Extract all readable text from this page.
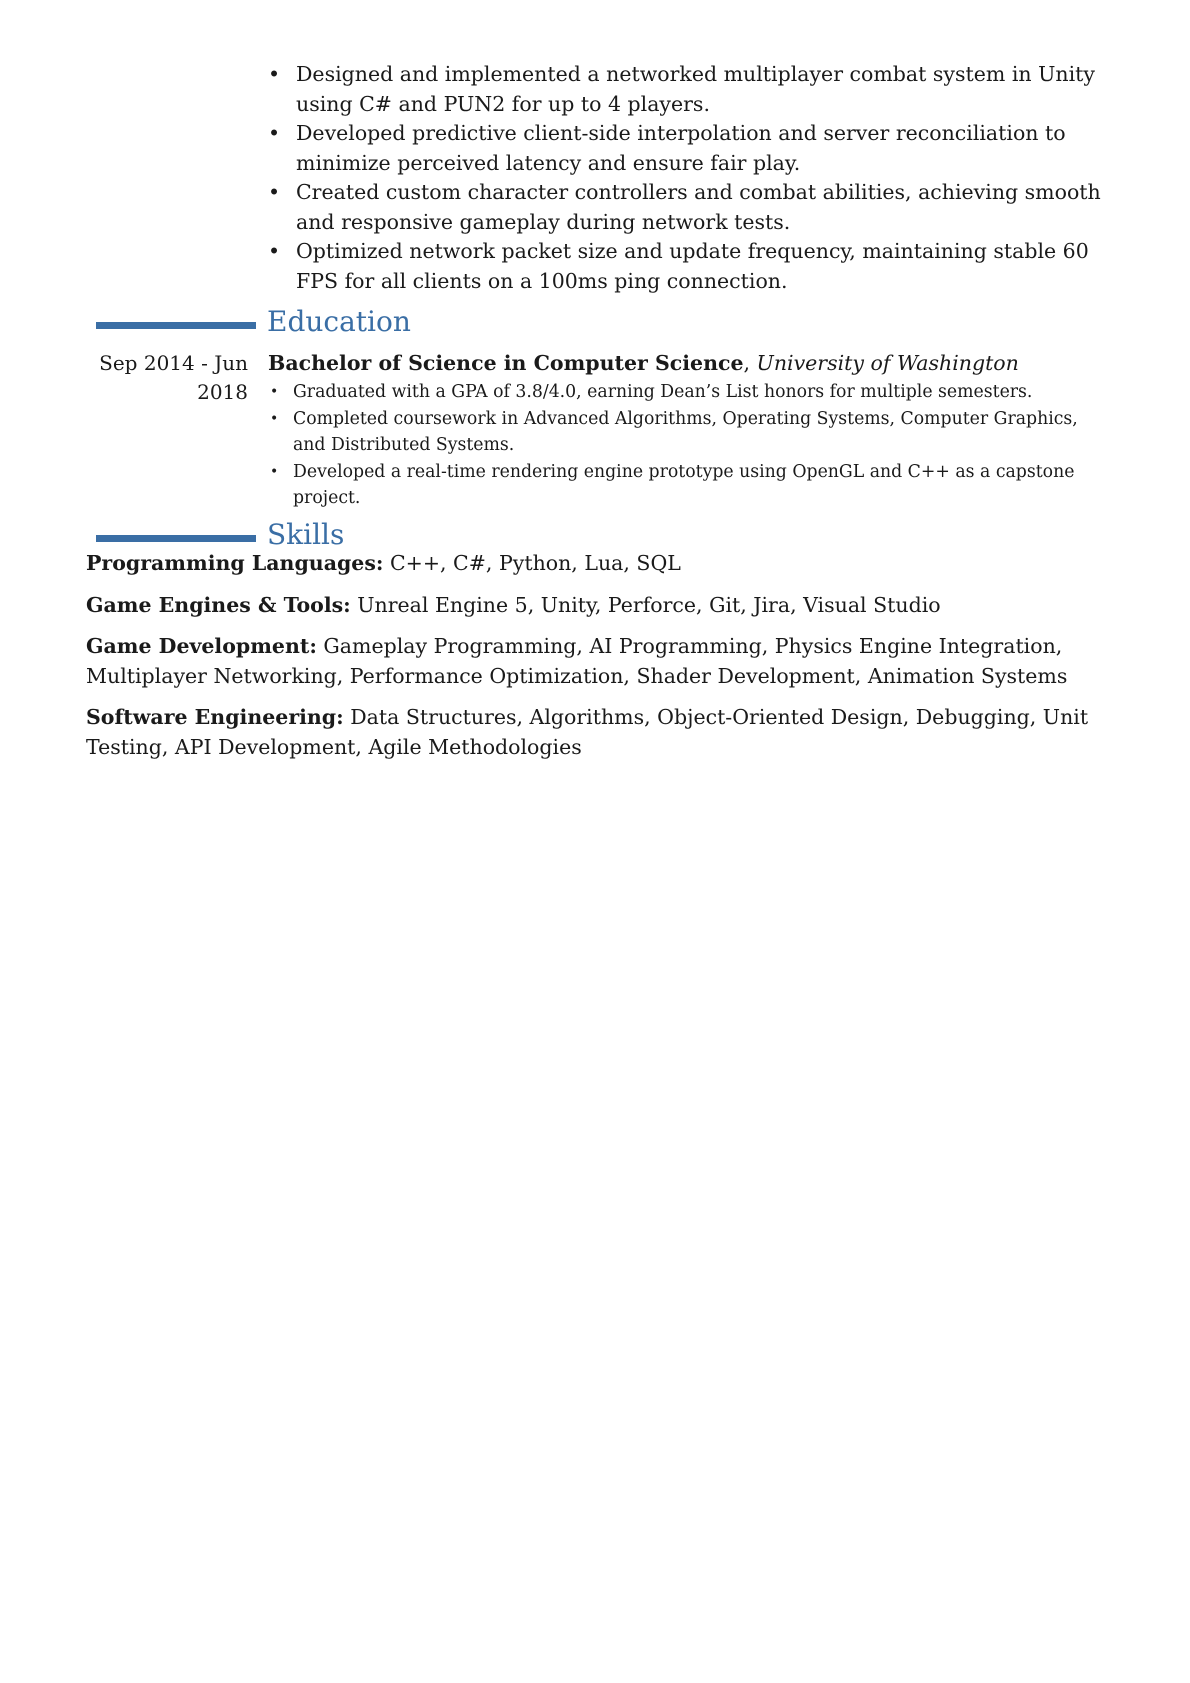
• Designed and implemented a networked multiplayer combat system in Unity using C# and PUN2 for up to 4 players.
• Developed predictive client-side interpolation and server reconciliation to minimize perceived latency and ensure fair play.
• Created custom character controllers and combat abilities, achieving smooth and responsive gameplay during network tests.
• Optimized network packet size and update frequency, maintaining stable 60 FPS for all clients on a 100ms ping connection.
Education
Sep 2014 - Jun 2018
Bachelor of Science in Computer Science, University of Washington
• Graduated with a GPA of 3.8/4.0, earning Dean’s List honors for multiple semesters.
• Completed coursework in Advanced Algorithms, Operating Systems, Computer Graphics, and Distributed Systems.
• Developed a real-time rendering engine prototype using OpenGL and C++ as a capstone project.
Skills

Programming Languages: C++, C#, Python, Lua, SQL

Game Engines & Tools: Unreal Engine 5, Unity, Perforce, Git, Jira, Visual Studio

Game Development: Gameplay Programming, AI Programming, Physics Engine Integration, Multiplayer Networking, Performance Optimization, Shader Development, Animation Systems

Software Engineering: Data Structures, Algorithms, Object-Oriented Design, Debugging, Unit Testing, API Development, Agile Methodologies
